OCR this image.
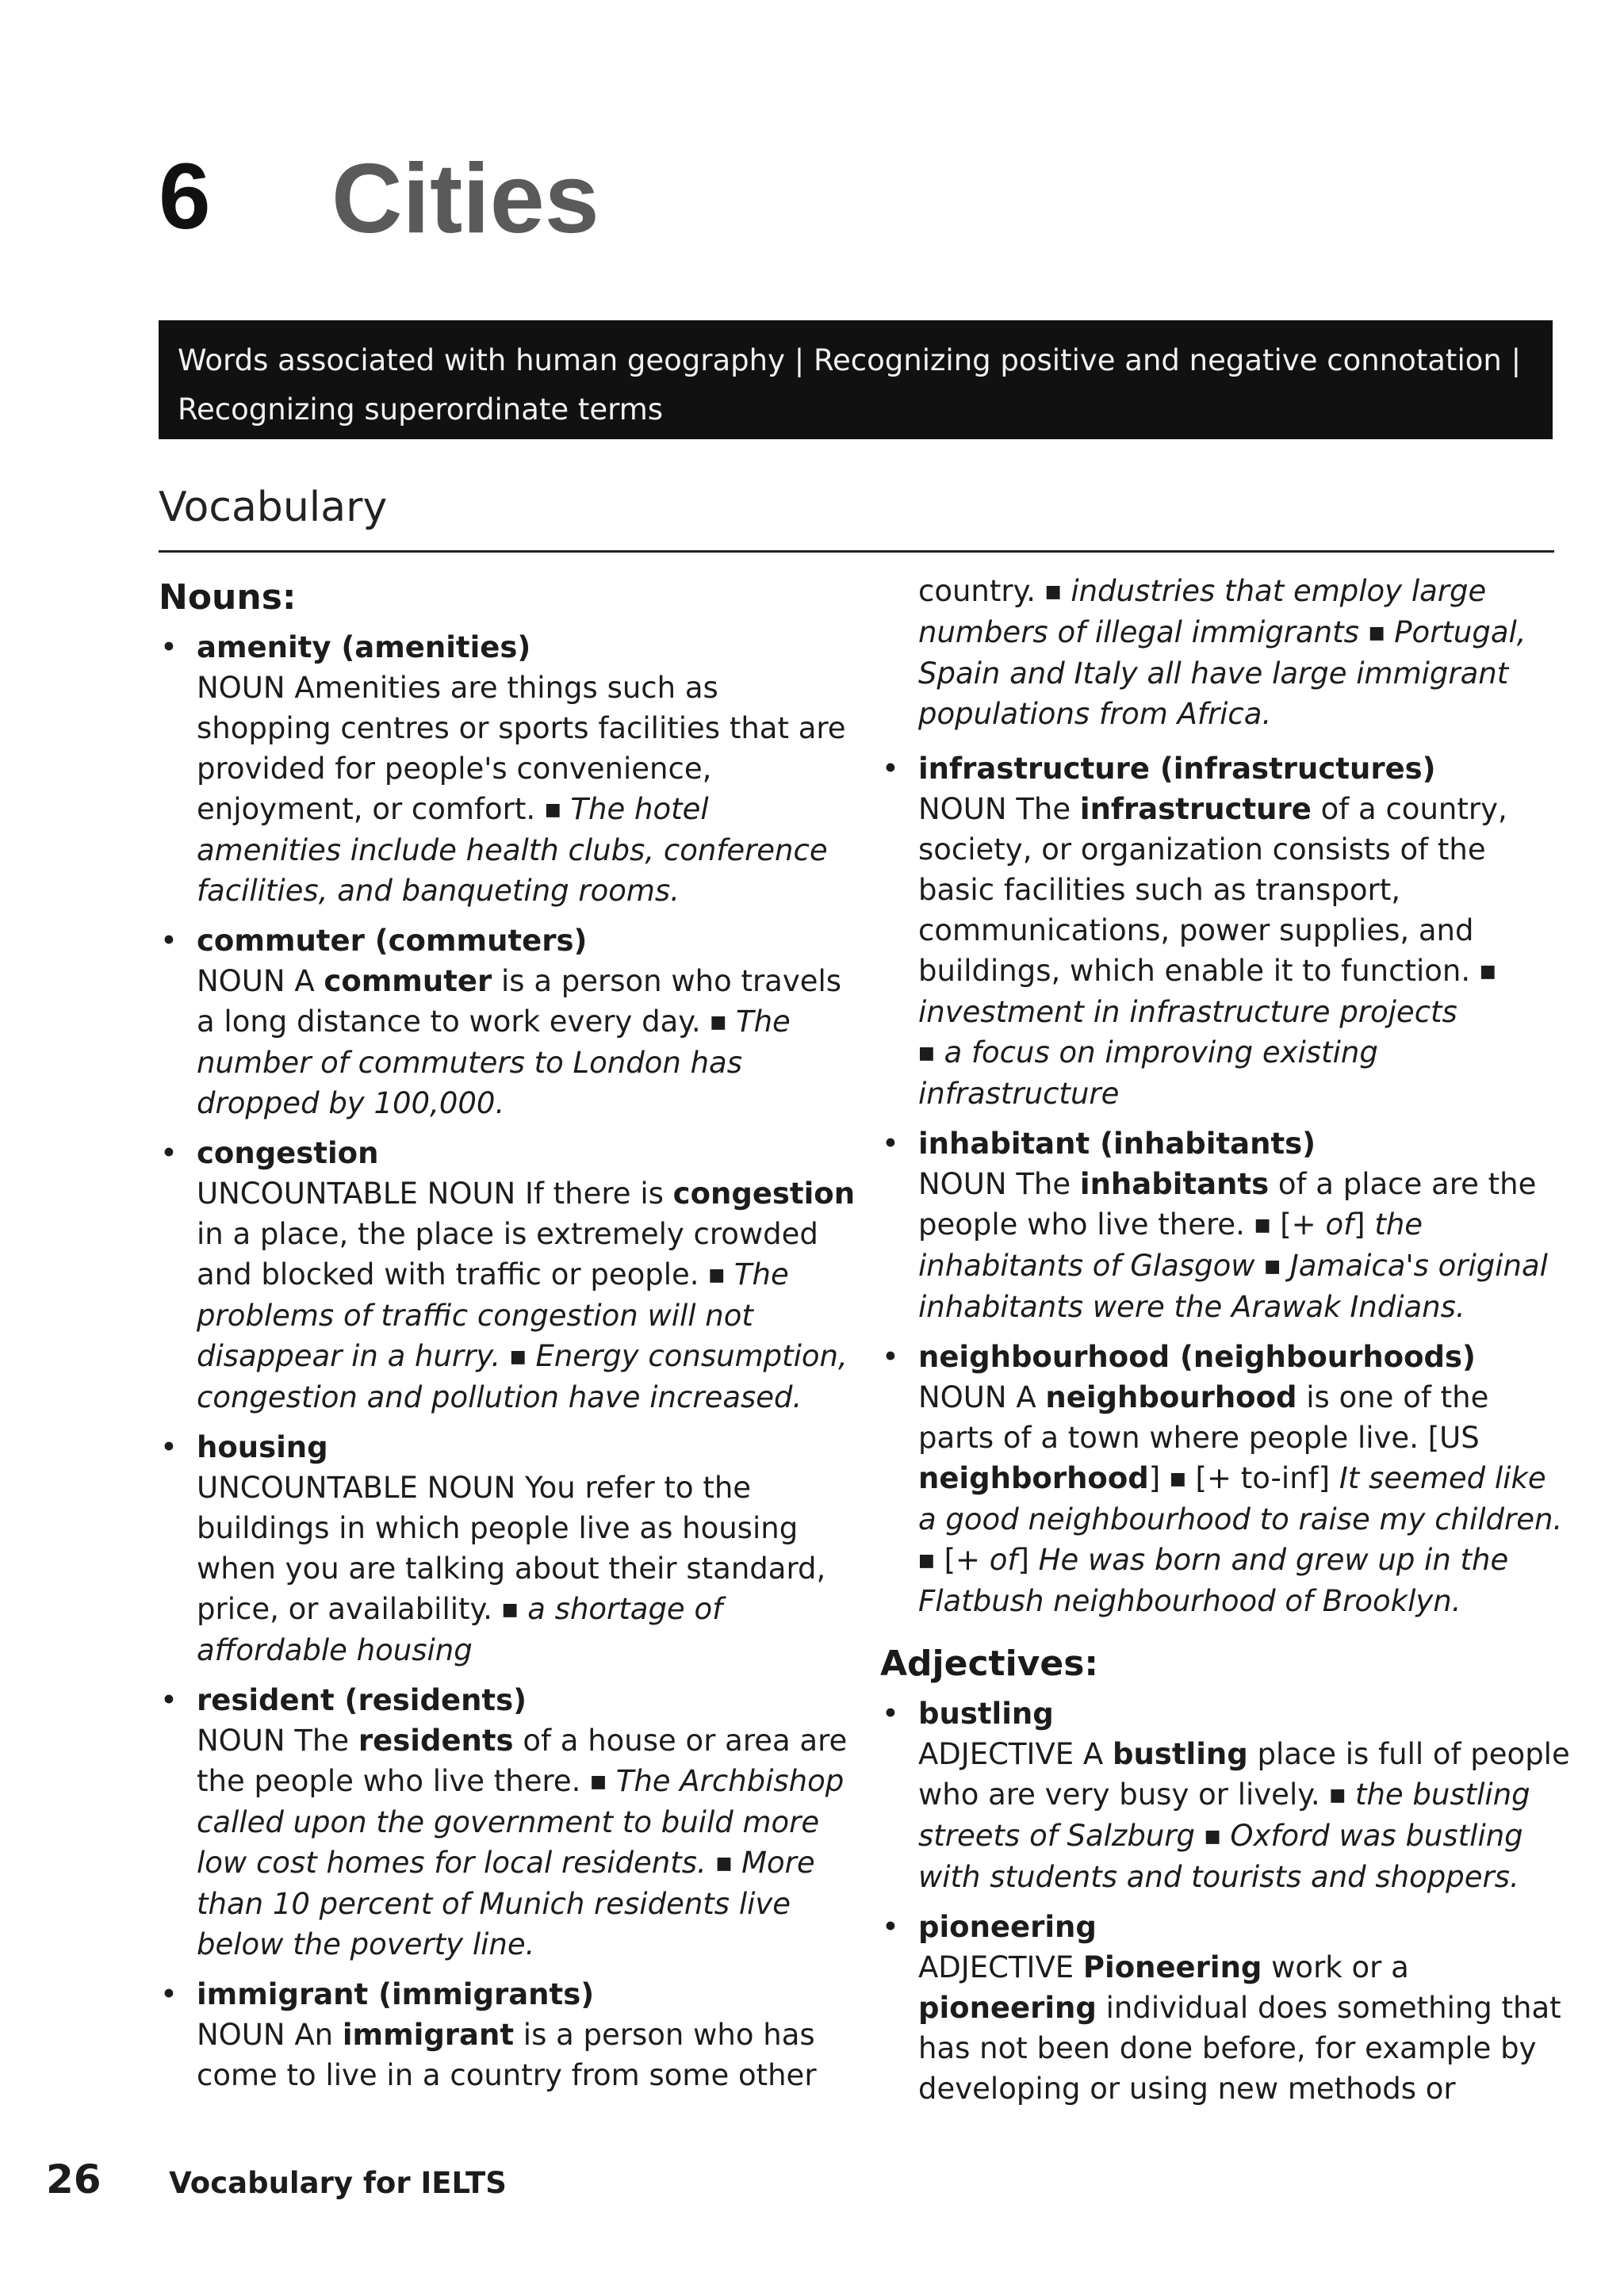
6 Cities
Words associated with human geography | Recognizing positive and negative connotation |
Recognizing superordinate terms
Vocabulary
Nouns:
• amenity (amenities)
NOUN Amenities are things such as shopping centres or sports facilities that are provided for people's convenience, enjoyment, or comfort. ■ The hotel amenities include health clubs, conference facilities, and banqueting rooms.
• commuter (commuters)
NOUN A commuter is a person who travels a long distance to work every day. ■ The number of commuters to London has dropped by 100,000.
• congestion
UNCOUNTABLE NOUN If there is congestion in a place, the place is extremely crowded and blocked with traffic or people. ■ The problems of traffic congestion will not disappear in a hurry. ■ Energy consumption, congestion and pollution have increased.
• housing
UNCOUNTABLE NOUN You refer to the buildings in which people live as housing when you are talking about their standard, price, or availability. ■ a shortage of affordable housing
• resident (residents)
NOUN The residents of a house or area are the people who live there. ■ The Archbishop called upon the government to build more low cost homes for local residents. ■ More than 10 percent of Munich residents live below the poverty line.
• immigrant (immigrants)
NOUN An immigrant is a person who has come to live in a country from some other
country. ■ industries that employ large numbers of illegal immigrants ■ Portugal, Spain and Italy all have large immigrant populations from Africa.
• infrastructure (infrastructures)
NOUN The infrastructure of a country, society, or organization consists of the basic facilities such as transport, communications, power supplies, and buildings, which enable it to function. ■ investment in infrastructure projects
■ a focus on improving existing infrastructure
• inhabitant (inhabitants)
NOUN The inhabitants of a place are the people who live there. ■ [+ of] the inhabitants of Glasgow ■ Jamaica's original inhabitants were the Arawak Indians.
• neighbourhood (neighbourhoods)
NOUN A neighbourhood is one of the parts of a town where people live. [US neighborhood] ■ [+ to-inf] It seemed like a good neighbourhood to raise my children.
■ [+ of] He was born and grew up in the Flatbush neighbourhood of Brooklyn.
Adjectives:
• bustling
ADJECTIVE A bustling place is full of people who are very busy or lively. ■ the bustling streets of Salzburg ■ Oxford was bustling with students and tourists and shoppers.
• pioneering
ADJECTIVE Pioneering work or a pioneering individual does something that has not been done before, for example by developing or using new methods or
26 Vocabulary for IELTS
